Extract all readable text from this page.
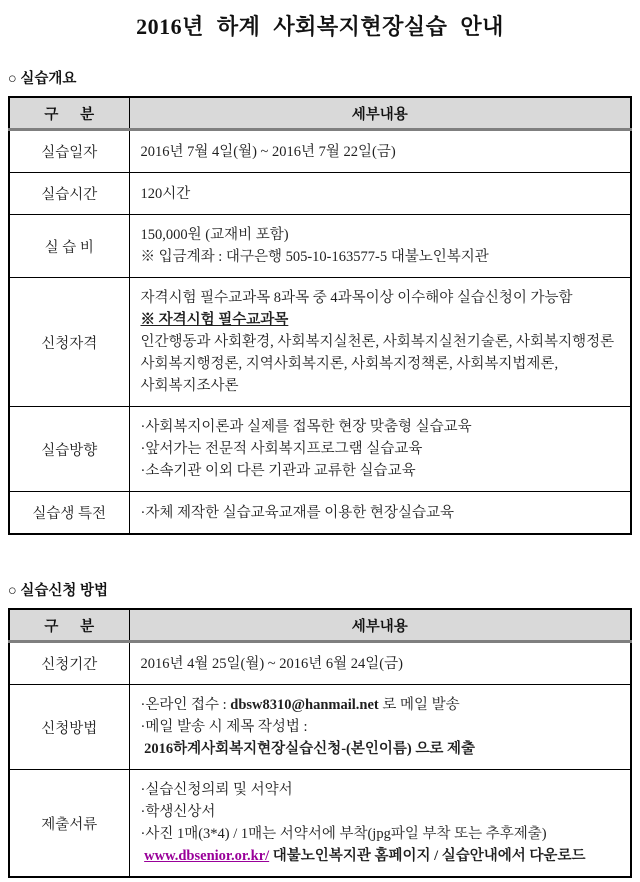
2016년 하계 사회복지현장실습 안내
○ 실습개요
구      분	세부내용
실습일자	2016년 7월 4일(월) ~ 2016년 7월 22일(금)

실습시간	120시간

실 습 비	150,000원 (교재비 포함)
※ 입금계좌 : 대구은행 505-10-163577-5 대불노인복지관

신청자격	자격시험 필수교과목 8과목 중 4과목이상 이수해야 실습신청이 가능함
※ 자격시험 필수교과목
인간행동과 사회환경, 사회복지실천론, 사회복지실천기술론, 사회복지행정론
사회복지행정론, 지역사회복지론, 사회복지정책론, 사회복지법제론,
사회복지조사론

실습방향	·사회복지이론과 실제를 접목한 현장 맞춤형 실습교육
·앞서가는 전문적 사회복지프로그램 실습교육
·소속기관 이외 다른 기관과 교류한 실습교육

실습생 특전	·자체 제작한 실습교육교재를 이용한 현장실습교육
○ 실습신청 방법
구      분	세부내용
신청기간	2016년 4월 25일(월) ~ 2016년 6월 24일(금)

신청방법	·온라인 접수 : dbsw8310@hanmail.net 로 메일 발송
·메일 발송 시 제목 작성법 :
2016하계사회복지현장실습신청-(본인이름) 으로 제출

제출서류	·실습신청의뢰 및 서약서
·학생신상서
·사진 1매(3*4) / 1매는 서약서에 부착(jpg파일 부착 또는 추후제출)
www.dbsenior.or.kr/ 대불노인복지관 홈페이지 / 실습안내에서 다운로드
